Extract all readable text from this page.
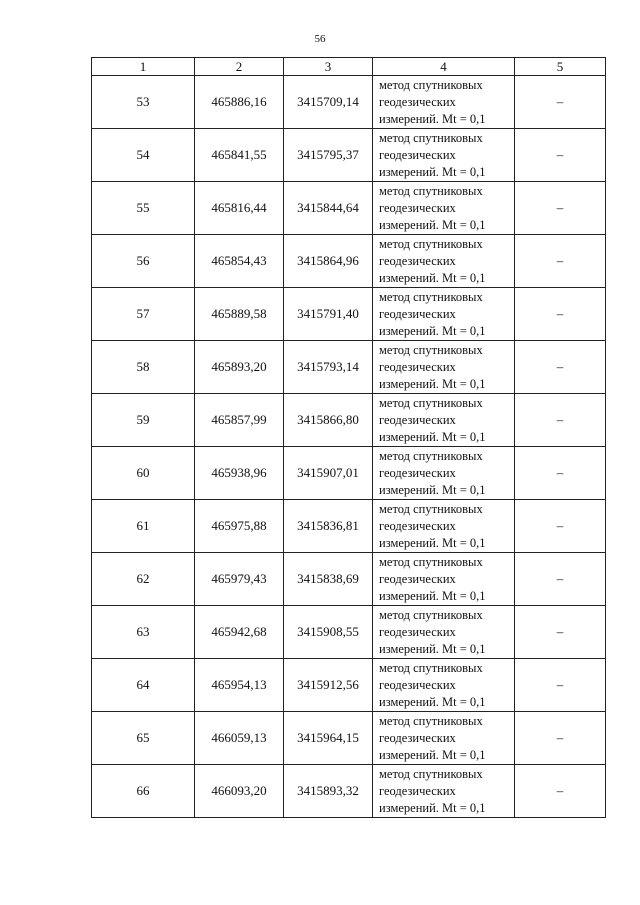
56
1	2	3	4	5
53	465886,16	3415709,14	метод спутниковых
геодезических
измерений. Mt = 0,1	–
54	465841,55	3415795,37	метод спутниковых
геодезических
измерений. Mt = 0,1	–
55	465816,44	3415844,64	метод спутниковых
геодезических
измерений. Mt = 0,1	–
56	465854,43	3415864,96	метод спутниковых
геодезических
измерений. Mt = 0,1	–
57	465889,58	3415791,40	метод спутниковых
геодезических
измерений. Mt = 0,1	–
58	465893,20	3415793,14	метод спутниковых
геодезических
измерений. Mt = 0,1	–
59	465857,99	3415866,80	метод спутниковых
геодезических
измерений. Mt = 0,1	–
60	465938,96	3415907,01	метод спутниковых
геодезических
измерений. Mt = 0,1	–
61	465975,88	3415836,81	метод спутниковых
геодезических
измерений. Mt = 0,1	–
62	465979,43	3415838,69	метод спутниковых
геодезических
измерений. Mt = 0,1	–
63	465942,68	3415908,55	метод спутниковых
геодезических
измерений. Mt = 0,1	–
64	465954,13	3415912,56	метод спутниковых
геодезических
измерений. Mt = 0,1	–
65	466059,13	3415964,15	метод спутниковых
геодезических
измерений. Mt = 0,1	–
66	466093,20	3415893,32	метод спутниковых
геодезических
измерений. Mt = 0,1	–
